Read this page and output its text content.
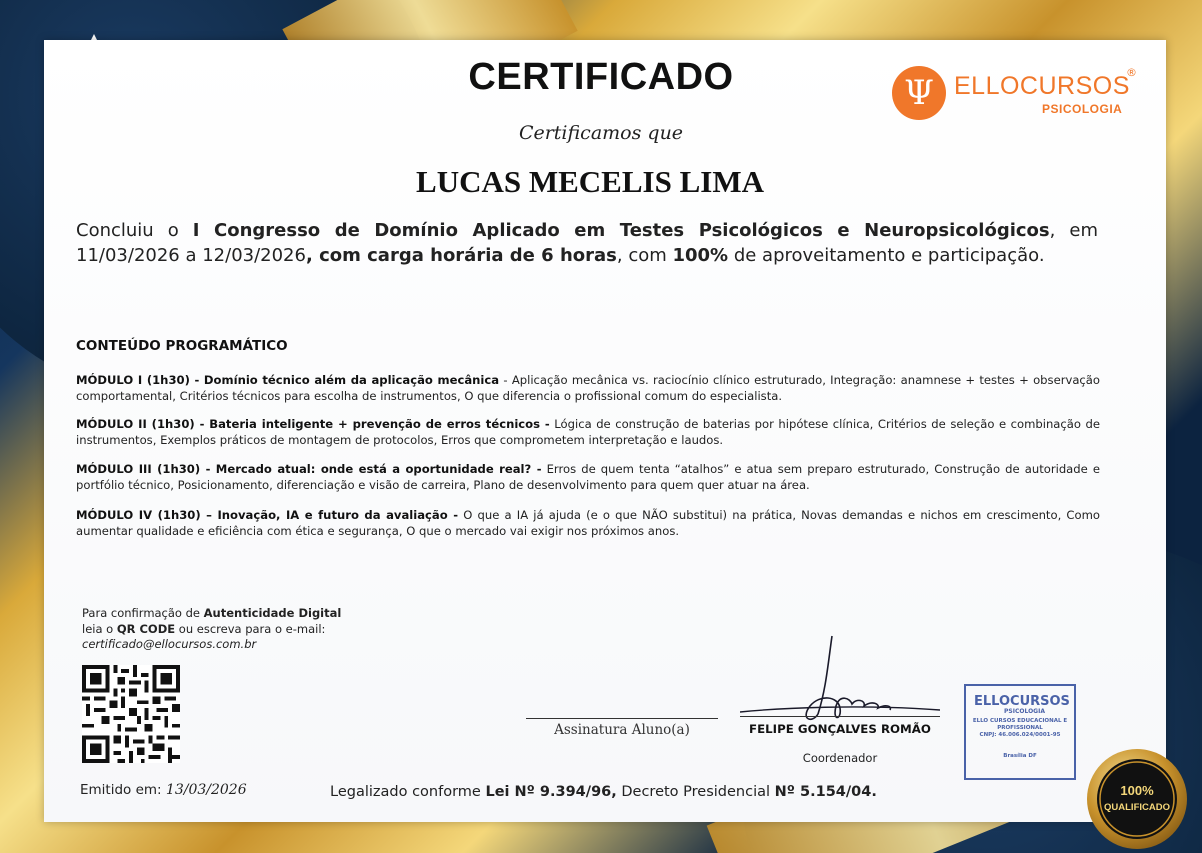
CERTIFICADO	Ψ ELLOCURSOS
®
PSICOLOGIA
Certificamos que
LUCAS MECELIS LIMA
Concluiu o I Congresso de Domínio Aplicado em Testes Psicológicos e Neuropsicológicos, em 11/03/2026 a 12/03/2026, com carga horária de 6 horas, com 100% de aproveitamento e participação.
CONTEÚDO PROGRAMÁTICO
MÓDULO I (1h30) - Domínio técnico além da aplicação mecânica - Aplicação mecânica vs. raciocínio clínico estruturado, Integração: anamnese + testes + observação comportamental, Critérios técnicos para escolha de instrumentos, O que diferencia o profissional comum do especialista.
MÓDULO II (1h30) - Bateria inteligente + prevenção de erros técnicos - Lógica de construção de baterias por hipótese clínica, Critérios de seleção e combinação de instrumentos, Exemplos práticos de montagem de protocolos, Erros que comprometem interpretação e laudos.
MÓDULO III (1h30) - Mercado atual: onde está a oportunidade real? - Erros de quem tenta “atalhos” e atua sem preparo estruturado, Construção de autoridade e portfólio técnico, Posicionamento, diferenciação e visão de carreira, Plano de desenvolvimento para quem quer atuar na área.
MÓDULO IV (1h30) – Inovação, IA e futuro da avaliação - O que a IA já ajuda (e o que NÃO substitui) na prática, Novas demandas e nichos em crescimento, Como aumentar qualidade e eficiência com ética e segurança, O que o mercado vai exigir nos próximos anos.
Para confirmação de Autenticidade Digital
leia o QR CODE ou escreva para o e-mail:
certificado@ellocursos.com.br
Emitido em: 13/03/2026	Legalizado conforme Lei Nº 9.394/96, Decreto Presidencial Nº 5.154/04.
Assinatura Aluno(a)	FELIPE GONÇALVES ROMÃO
Coordenador
ELLOCURSOS
PSICOLOGIA
ELLO CURSOS EDUCACIONAL E
PROFISSIONAL
CNPJ: 46.006.024/0001-95
Brasília DF
100%
QUALIFICADO
